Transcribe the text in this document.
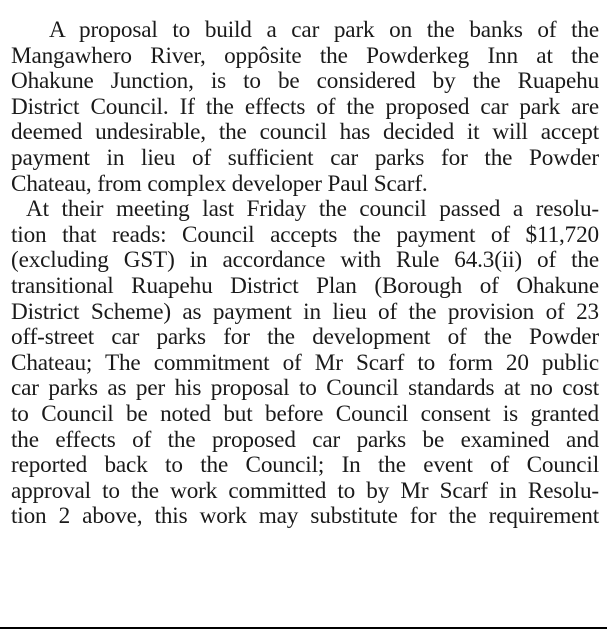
A proposal to build a car park on the banks of the
Mangawhero River, oppôsite the Powderkeg Inn at the
Ohakune Junction, is to be considered by the Ruapehu
District Council. If the effects of the proposed car park are
deemed undesirable, the council has decided it will accept
payment in lieu of sufficient car parks for the Powder
Chateau, from complex developer Paul Scarf.
At their meeting last Friday the council passed a resolu-
tion that reads: Council accepts the payment of $11,720
(excluding GST) in accordance with Rule 64.3(ii) of the
transitional Ruapehu District Plan (Borough of Ohakune
District Scheme) as payment in lieu of the provision of 23
off-street car parks for the development of the Powder
Chateau; The commitment of Mr Scarf to form 20 public
car parks as per his proposal to Council standards at no cost
to Council be noted but before Council consent is granted
the effects of the proposed car parks be examined and
reported back to the Council; In the event of Council
approval to the work committed to by Mr Scarf in Resolu-
tion 2 above, this work may substitute for the requirement
